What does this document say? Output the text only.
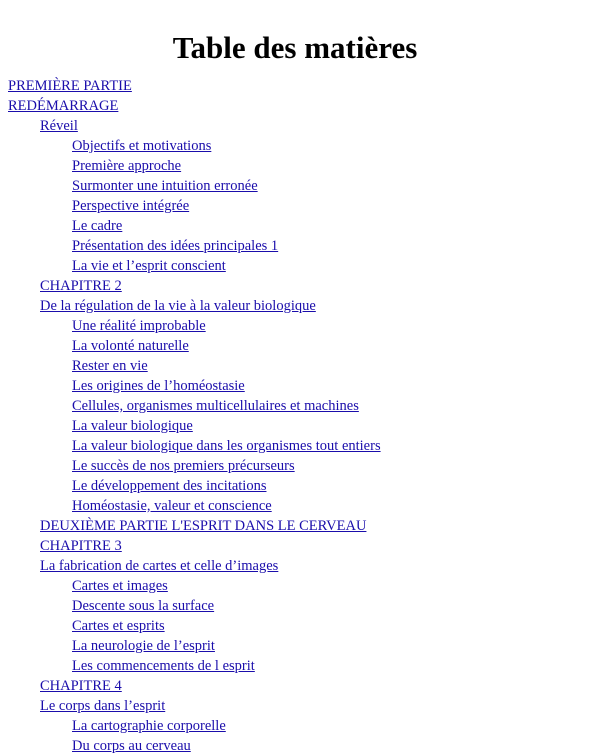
Table des matières
PREMIÈRE PARTIE
REDÉMARRAGE
Réveil
Objectifs et motivations
Première approche
Surmonter une intuition erronée
Perspective intégrée
Le cadre
Présentation des idées principales 1
La vie et l’esprit conscient
CHAPITRE 2
De la régulation de la vie à la valeur biologique
Une réalité improbable
La volonté naturelle
Rester en vie
Les origines de l’homéostasie
Cellules, organismes multicellulaires et machines
La valeur biologique
La valeur biologique dans les organismes tout entiers
Le succès de nos premiers précurseurs
Le développement des incitations
Homéostasie, valeur et conscience
DEUXIÈME PARTIE L'ESPRIT DANS LE CERVEAU
CHAPITRE 3
La fabrication de cartes et celle d’images
Cartes et images
Descente sous la surface
Cartes et esprits
La neurologie de l’esprit
Les commencements de l esprit
CHAPITRE 4
Le corps dans l’esprit
La cartographie corporelle
Du corps au cerveau
